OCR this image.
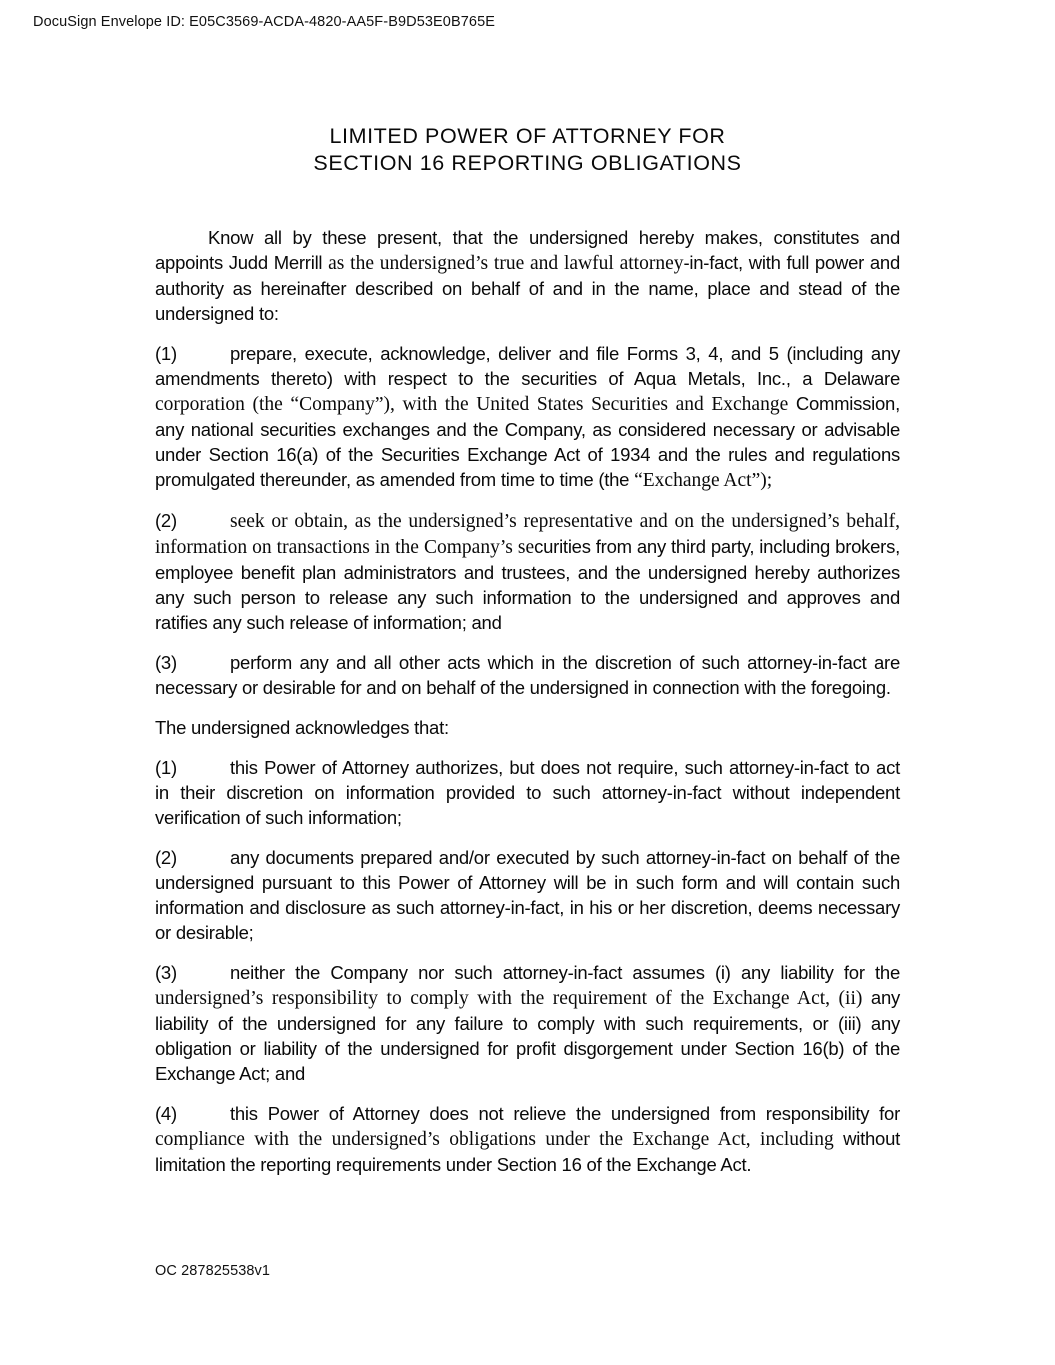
DocuSign Envelope ID: E05C3569-ACDA-4820-AA5F-B9D53E0B765E
LIMITED POWER OF ATTORNEY FOR
SECTION 16 REPORTING OBLIGATIONS

Know all by these present, that the undersigned hereby makes, constitutes and appoints Judd Merrill as the undersigned’s true and lawful attorney-in-fact, with full power and authority as hereinafter described on behalf of and in the name, place and stead of the undersigned to:

(1)	prepare, execute, acknowledge, deliver and file Forms 3, 4, and 5 (including any amendments thereto) with respect to the securities of Aqua Metals, Inc., a Delaware corporation (the “Company”), with the United States Securities and Exchange Commission, any national securities exchanges and the Company, as considered necessary or advisable under Section 16(a) of the Securities Exchange Act of 1934 and the rules and regulations promulgated thereunder, as amended from time to time (the “Exchange Act”);

(2)	seek or obtain, as the undersigned’s representative and on the undersigned’s behalf, information on transactions in the Company’s securities from any third party, including brokers, employee benefit plan administrators and trustees, and the undersigned hereby authorizes any such person to release any such information to the undersigned and approves and ratifies any such release of information; and

(3)	perform any and all other acts which in the discretion of such attorney-in-fact are necessary or desirable for and on behalf of the undersigned in connection with the foregoing.

The undersigned acknowledges that:

(1)	this Power of Attorney authorizes, but does not require, such attorney-in-fact to act in their discretion on information provided to such attorney-in-fact without independent verification of such information;

(2)	any documents prepared and/or executed by such attorney-in-fact on behalf of the undersigned pursuant to this Power of Attorney will be in such form and will contain such information and disclosure as such attorney-in-fact, in his or her discretion, deems necessary or desirable;

(3)	neither the Company nor such attorney-in-fact assumes (i) any liability for the undersigned’s responsibility to comply with the requirement of the Exchange Act, (ii) any liability of the undersigned for any failure to comply with such requirements, or (iii) any obligation or liability of the undersigned for profit disgorgement under Section 16(b) of the Exchange Act; and

(4)	this Power of Attorney does not relieve the undersigned from responsibility for compliance with the undersigned’s obligations under the Exchange Act, including without limitation the reporting requirements under Section 16 of the Exchange Act.

OC 287825538v1
